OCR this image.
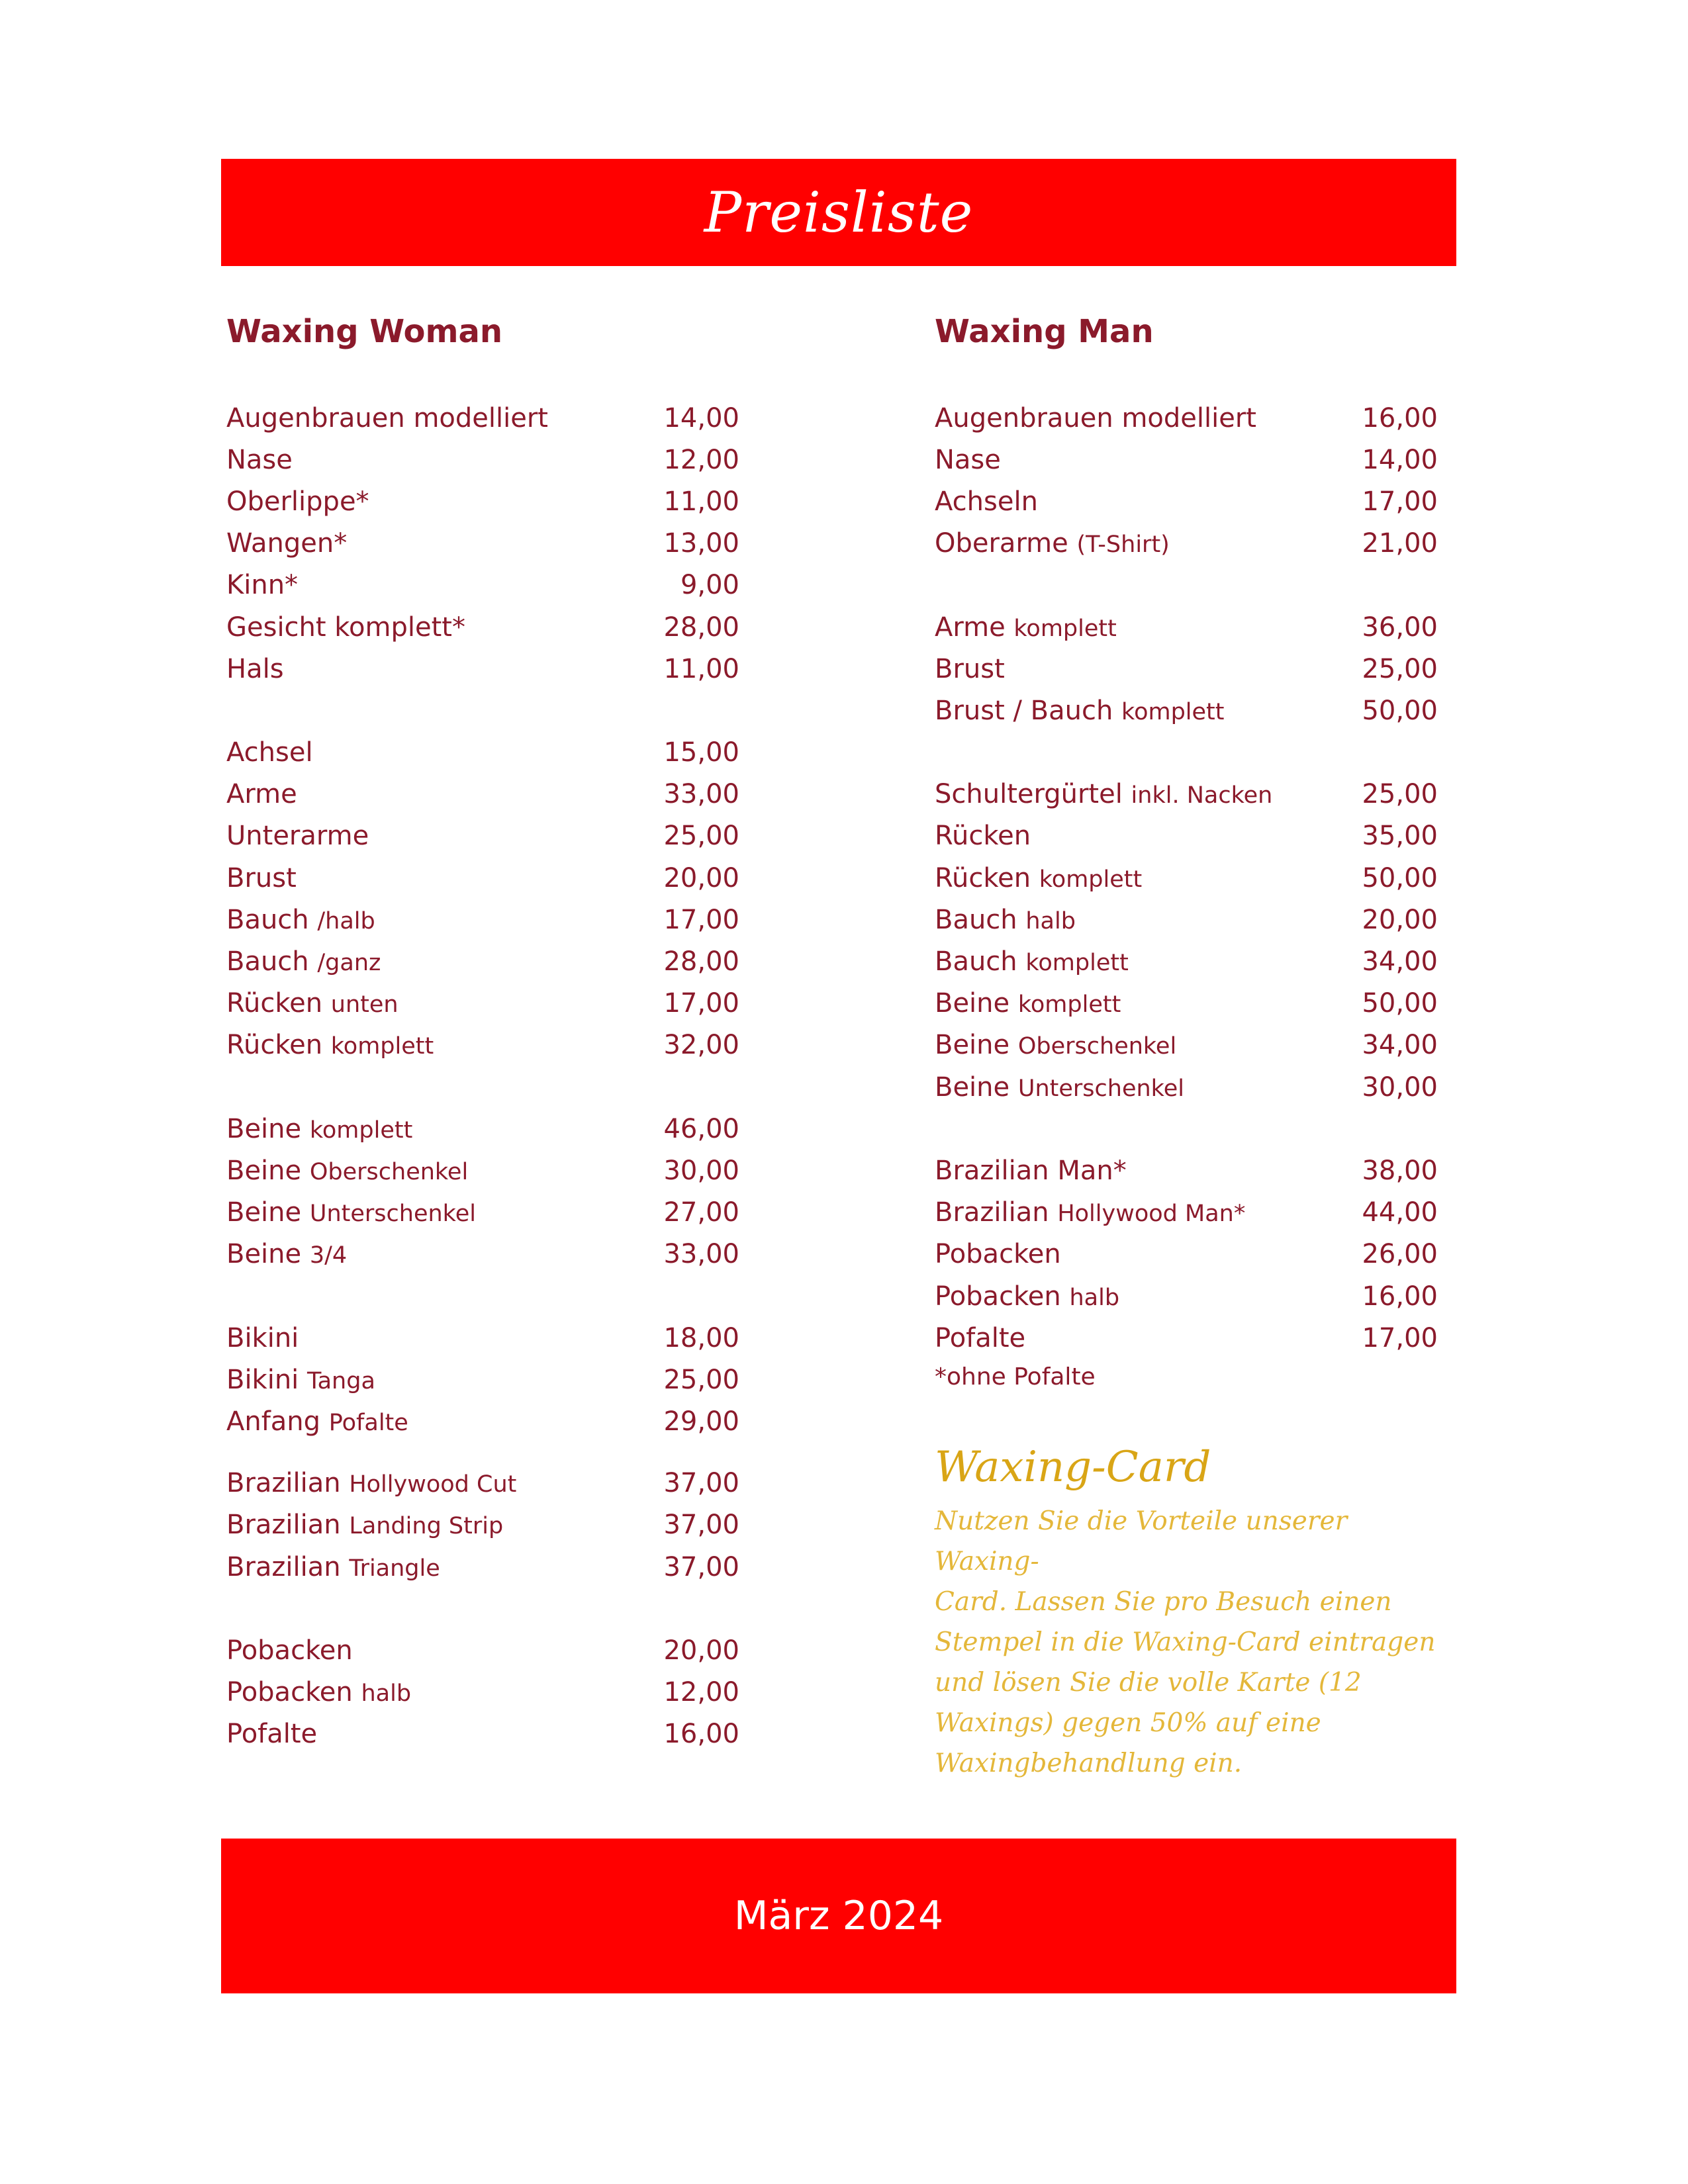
Preisliste
Waxing Woman
Augenbrauen modelliert	14,00
Nase	12,00
Oberlippe*	11,00
Wangen*	13,00
Kinn*	9,00
Gesicht komplett*	28,00
Hals	11,00
Achsel	15,00
Arme	33,00
Unterarme	25,00
Brust	20,00
Bauch /halb	17,00
Bauch /ganz	28,00
Rücken unten	17,00
Rücken komplett	32,00
Beine komplett	46,00
Beine Oberschenkel	30,00
Beine Unterschenkel	27,00
Beine 3/4	33,00
Bikini	18,00
Bikini Tanga	25,00
Anfang Pofalte	29,00
Brazilian Hollywood Cut	37,00
Brazilian Landing Strip	37,00
Brazilian Triangle	37,00
Pobacken	20,00
Pobacken halb	12,00
Pofalte	16,00
Waxing Man
Augenbrauen modelliert	16,00
Nase	14,00
Achseln	17,00
Oberarme (T-Shirt)	21,00
Arme komplett	36,00
Brust	25,00
Brust / Bauch komplett	50,00
Schultergürtel inkl. Nacken	25,00
Rücken	35,00
Rücken komplett	50,00
Bauch halb	20,00
Bauch komplett	34,00
Beine komplett	50,00
Beine Oberschenkel	34,00
Beine Unterschenkel	30,00
Brazilian Man*	38,00
Brazilian Hollywood Man*	44,00
Pobacken	26,00
Pobacken halb	16,00
Pofalte	17,00
*ohne Pofalte
Waxing-Card
Nutzen Sie die Vorteile unserer Waxing-
Card. Lassen Sie pro Besuch einen
Stempel in die Waxing-Card eintragen
und lösen Sie die volle Karte (12
Waxings) gegen 50% auf eine
Waxingbehandlung ein.
März 2024
